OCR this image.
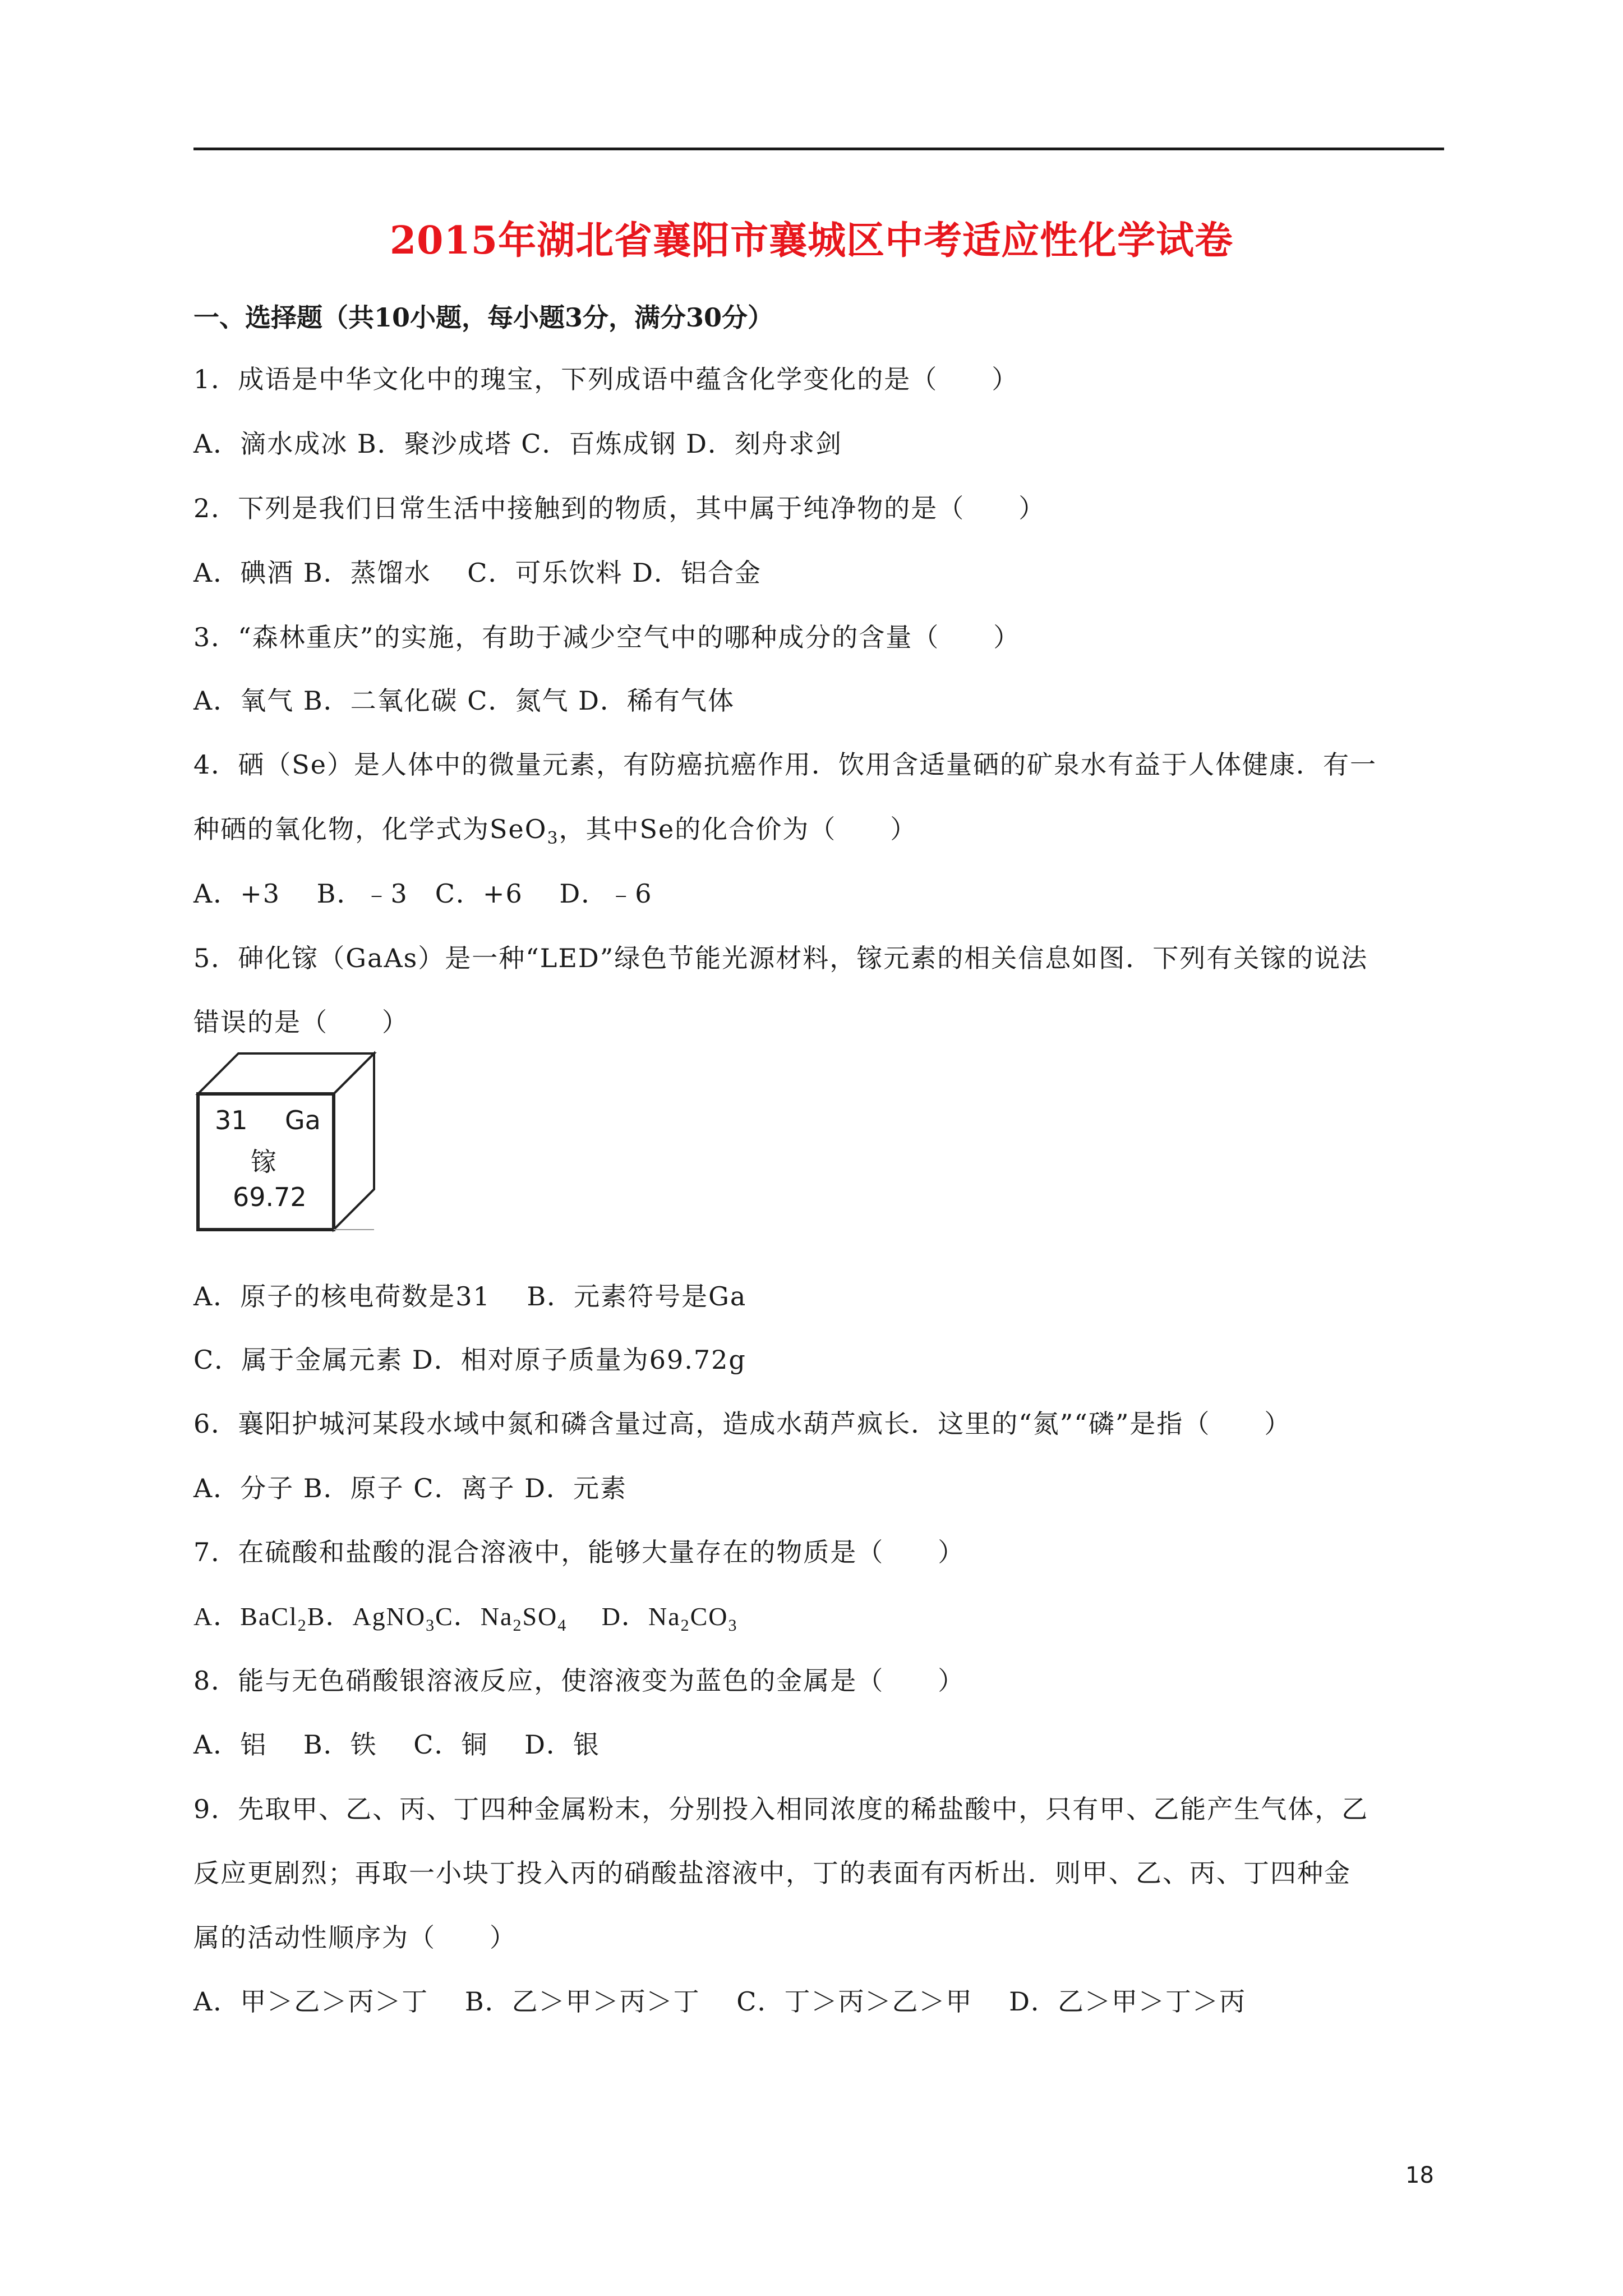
2015年湖北省襄阳市襄城区中考适应性化学试卷
一、选择题（共10小题，每小题3分，满分30分）
1．成语是中华文化中的瑰宝，下列成语中蕴含化学变化的是（　　）
A．滴水成冰 B．聚沙成塔 C．百炼成钢 D．刻舟求剑
2．下列是我们日常生活中接触到的物质，其中属于纯净物的是（　　）
A．碘酒 B．蒸馏水　 C．可乐饮料 D．铝合金
3．“森林重庆”的实施，有助于减少空气中的哪种成分的含量（　　）
A．氧气 B．二氧化碳 C．氮气 D．稀有气体
4．硒（Se）是人体中的微量元素，有防癌抗癌作用．饮用含适量硒的矿泉水有益于人体健康．有一
种硒的氧化物，化学式为SeO$_3$，其中Se的化合价为（　　）
A．+3　 B．﹣3　C．+6　 D．﹣6
5．砷化镓（GaAs）是一种“LED”绿色节能光源材料，镓元素的相关信息如图．下列有关镓的说法
错误的是（　　）
31 Ga
镓
69.72
A．原子的核电荷数是31　 B．元素符号是Ga
C．属于金属元素 D．相对原子质量为69.72g
6．襄阳护城河某段水域中氮和磷含量过高，造成水葫芦疯长．这里的“氮”“磷”是指（　　）
A．分子 B．原子 C．离子 D．元素
7．在硫酸和盐酸的混合溶液中，能够大量存在的物质是（　　）
A．BaCl$_2$B．AgNO$_3$C．$Na_2SO_4$　 D．$Na_2CO_3$
8．能与无色硝酸银溶液反应，使溶液变为蓝色的金属是（　　）
A．铝　 B．铁　 C．铜　 D．银
9．先取甲、乙、丙、丁四种金属粉末，分别投入相同浓度的稀盐酸中，只有甲、乙能产生气体，乙
反应更剧烈；再取一小块丁投入丙的硝酸盐溶液中，丁的表面有丙析出．则甲、乙、丙、丁四种金
属的活动性顺序为（　　）
A．甲＞乙＞丙＞丁　 B．乙＞甲＞丙＞丁　 C．丁＞丙＞乙＞甲　 D．乙＞甲＞丁＞丙
18
